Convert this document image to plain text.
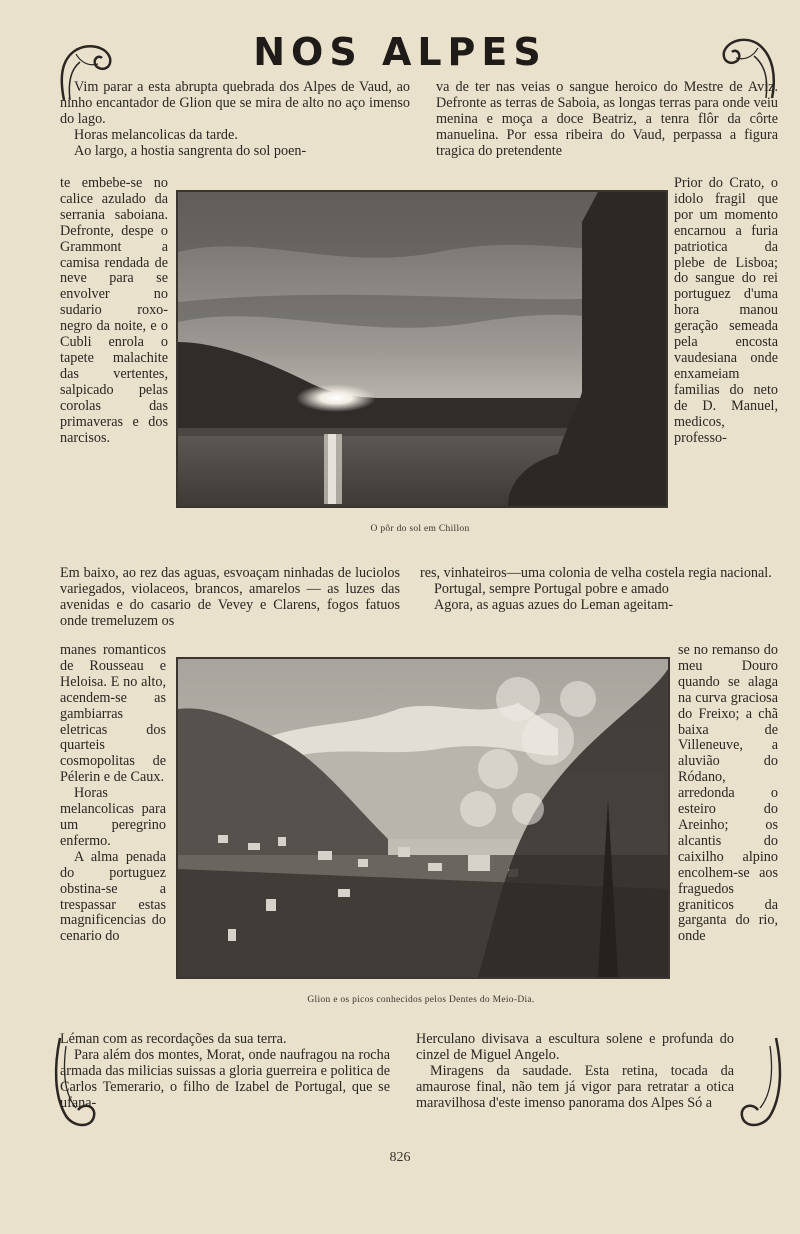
NOS ALPES

Vim parar a esta abrupta quebrada dos Alpes de Vaud, ao ninho encantador de Glion que se mira de alto no aço imenso do lago.

Horas melancolicas da tarde.

Ao largo, a hostia sangrenta do sol poen-

te embebe-se no calice azulado da serrania saboiana. Defronte, despe o Grammont a camisa rendada de neve para se envolver no sudario roxo-negro da noite, e o Cubli enrola o tapete malachite das vertentes, salpicado pelas corolas das primaveras e dos narcisos.

Em baixo, ao rez das aguas, esvoaçam ninhadas de luciolos variegados, violaceos, brancos, amarelos — as luzes das avenidas e do casario de Vevey e Clarens, fogos fatuos onde tremeluzem os

manes romanticos de Rousseau e Heloisa. E no alto, acendem-se as gambiarras eletricas dos quarteis cosmopolitas de Pélerin e de Caux.

Horas melancolicas para um peregrino enfermo.

A alma penada do portuguez obstina-se a trespassar estas magnificencias do cenario do

Léman com as recordações da sua terra.

Para além dos montes, Morat, onde naufragou na rocha armada das milicias suissas a gloria guerreira e politica de Carlos Temerario, o filho de Izabel de Portugal, que se ufana-

va de ter nas veias o sangue heroico do Mestre de Aviz. Defronte as terras de Saboia, as longas terras para onde veiu menina e moça a doce Beatriz, a tenra flôr da côrte manuelina. Por essa ribeira do Vaud, perpassa a figura tragica do pretendente

Prior do Crato, o idolo fragil que por um momento encarnou a furia patriotica da plebe de Lisboa; do sangue do rei portuguez d'uma hora manou geração semeada pela encosta vaudesiana onde enxameiam familias do neto de D. Manuel, medicos, professo-

res, vinhateiros—uma colonia de velha costela regia nacional.

Portugal, sempre Portugal pobre e amado

Agora, as aguas azues do Leman ageitam-

se no remanso do meu Douro quando se alaga na curva graciosa do Freixo; a chã baixa de Villeneuve, a aluvião do Ródano, arredonda o esteiro do Areinho; os alcantis do caixilho alpino encolhem-se aos fraguedos graniticos da garganta do rio, onde

Herculano divisava a escultura solene e profunda do cinzel de Miguel Angelo.

Miragens da saudade. Esta retina, tocada da amaurose final, não tem já vigor para retratar a otica maravilhosa d'este imenso panorama dos Alpes Só a

O pôr do sol em Chillon
Glion e os picos conhecidos pelos Dentes do Meio-Dia.
826
